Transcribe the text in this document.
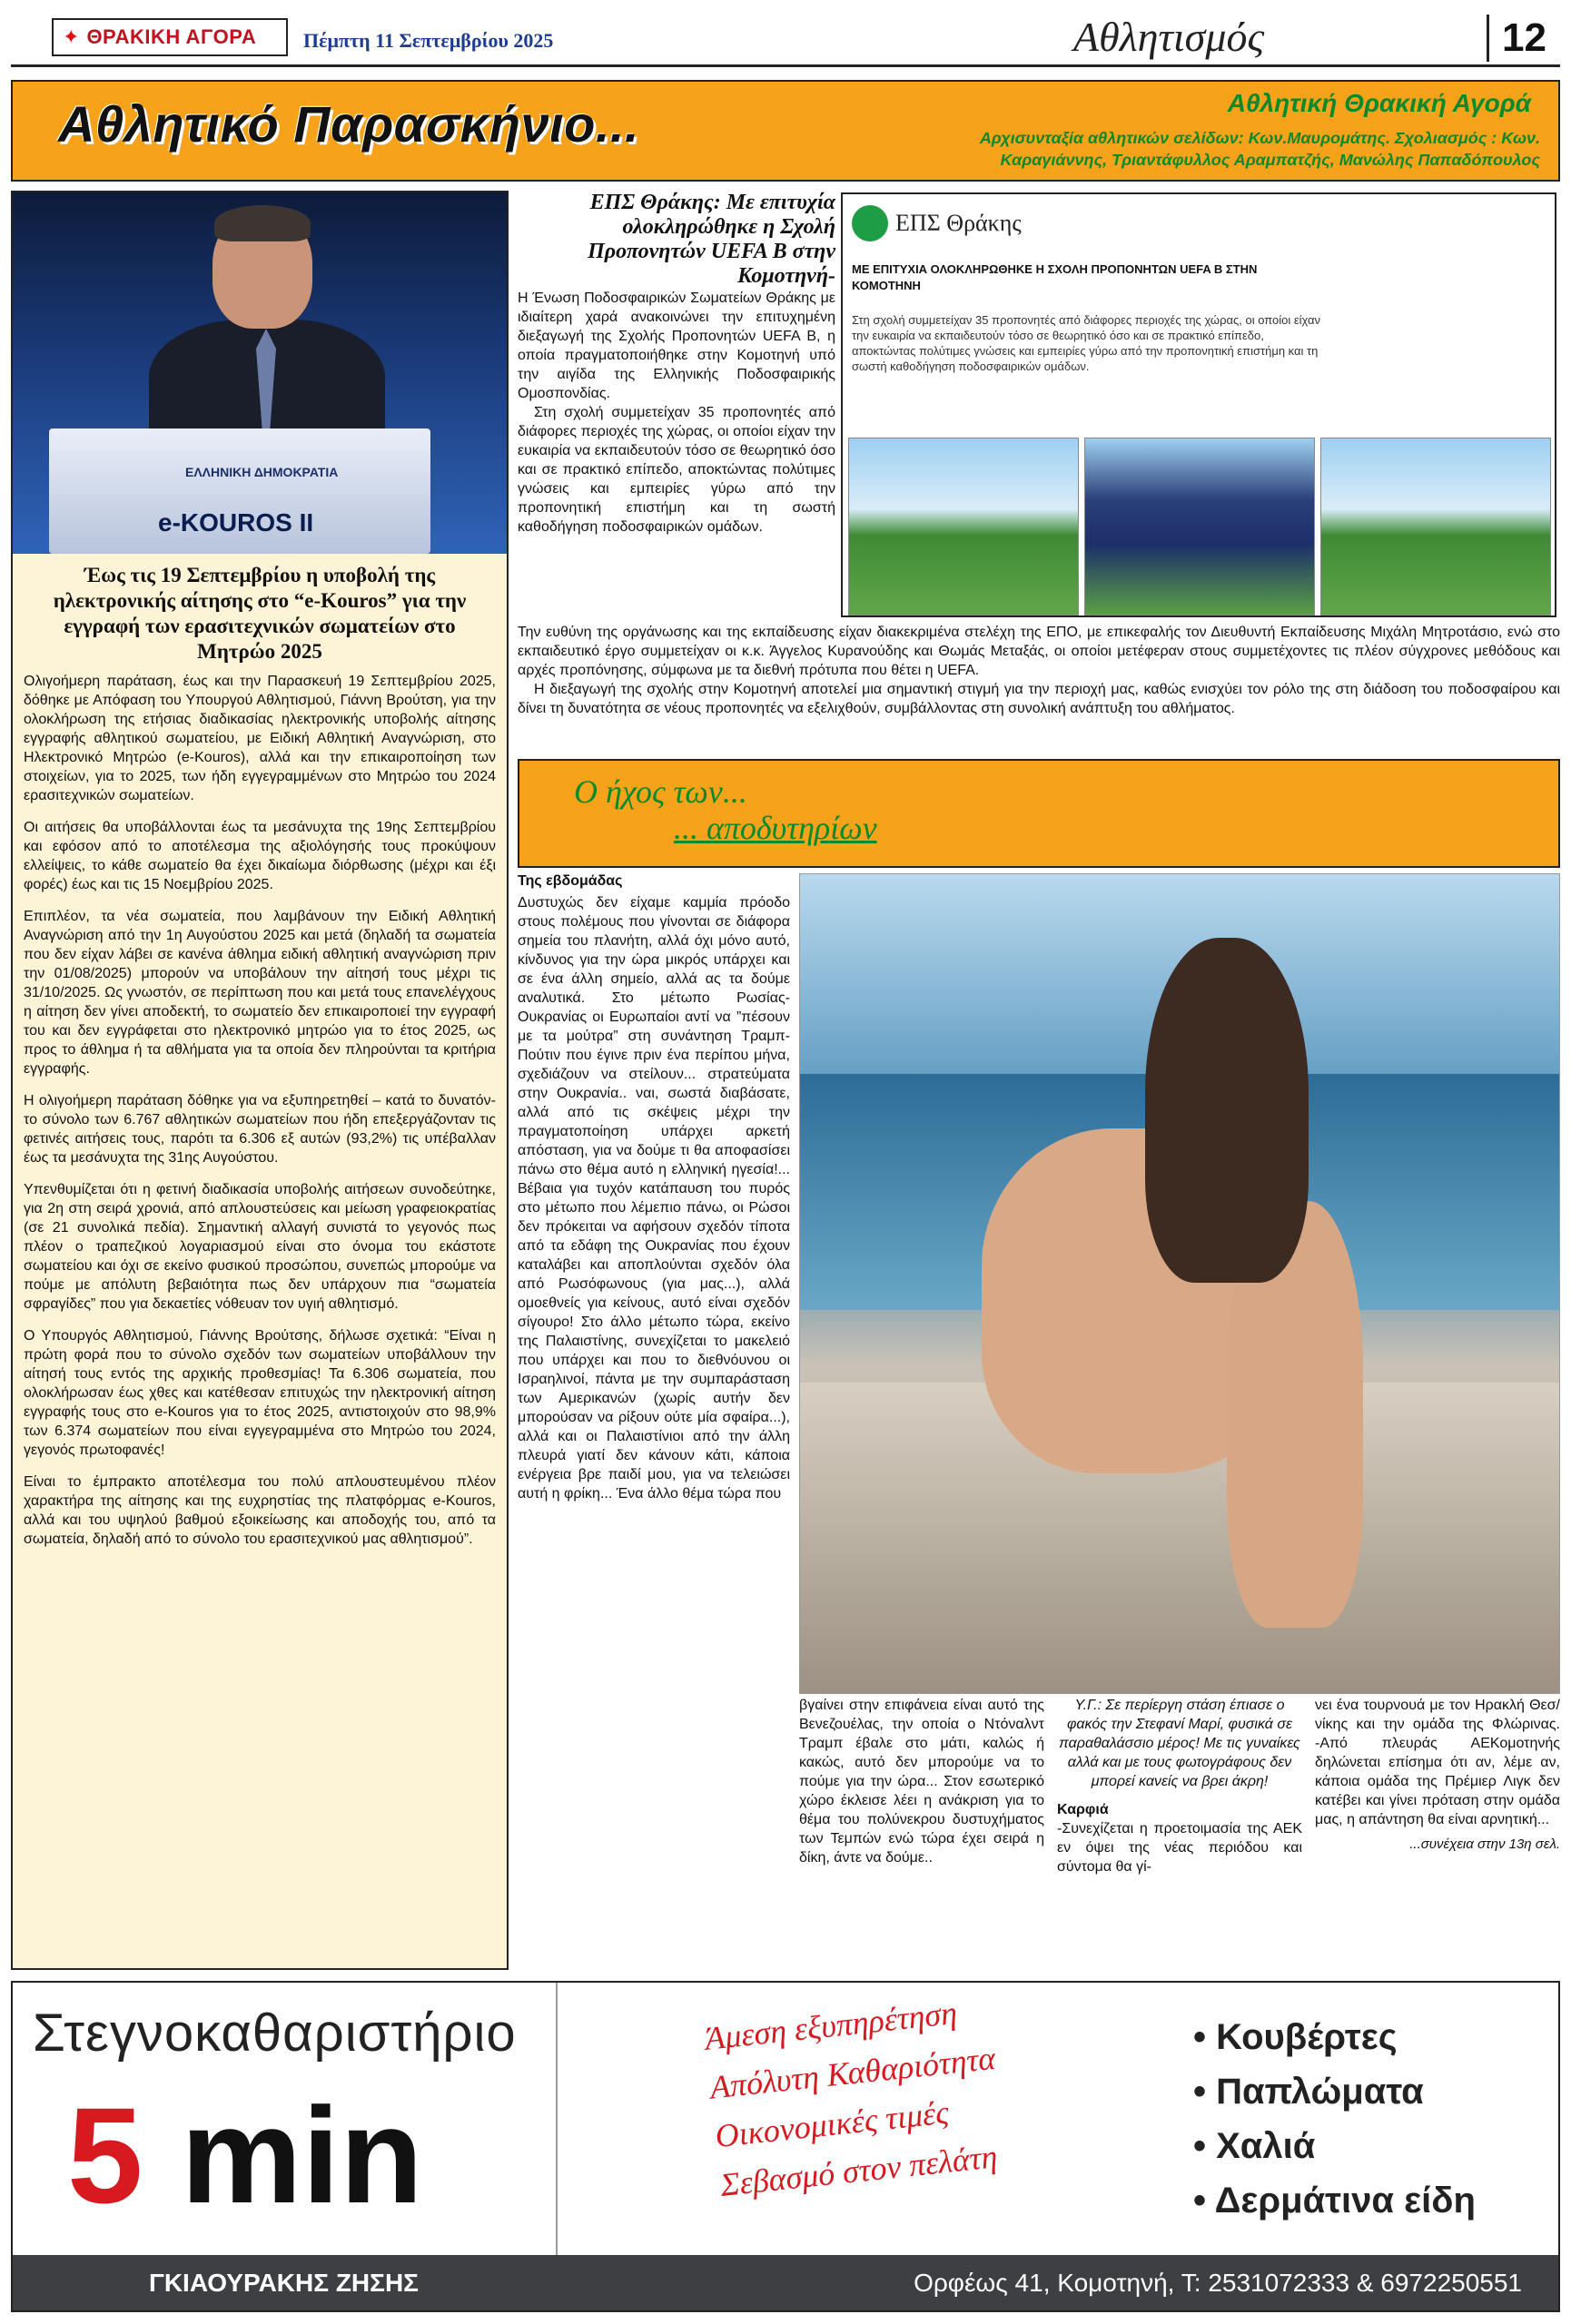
✦ ΘΡΑΚΙΚΗ ΑΓΟΡΑ Πέμπτη 11 Σεπτεμβρίου 2025	Αθλητισμός	12
Αθλητικό Παρασκήνιο...	Αθλητική Θρακική Αγορά
Αρχισυνταξία αθλητικών σελίδων: Κων.Μαυρομάτης. Σχολιασμός : Κων. Καραγιάννης, Τριαντάφυλλος Αραμπατζής, Μανώλης Παπαδόπουλος
ΕΛΛΗΝΙΚΗ ΔΗΜΟΚΡΑΤΙΑ
e-KOUROS II
Έως τις 19 Σεπτεμβρίου η υποβολή της ηλεκτρονικής αίτησης στο “e-Kouros” για την εγγραφή των ερασιτεχνικών σωματείων στο Μητρώο 2025

Ολιγοήμερη παράταση, έως και την Παρασκευή 19 Σεπτεμβρίου 2025, δόθηκε με Απόφαση του Υπουργού Αθλητισμού, Γιάννη Βρούτση, για την ολοκλήρωση της ετήσιας διαδικασίας ηλεκτρονικής υποβολής αίτησης εγγραφής αθλητικού σωματείου, με Ειδική Αθλητική Αναγνώριση, στο Ηλεκτρονικό Μητρώο (e-Kouros), αλλά και την επικαιροποίηση των στοιχείων, για το 2025, των ήδη εγγεγραμμένων στο Μητρώο του 2024 ερασιτεχνικών σωματείων.

Οι αιτήσεις θα υποβάλλονται έως τα μεσάνυχτα της 19ης Σεπτεμβρίου και εφόσον από το αποτέλεσμα της αξιολόγησής τους προκύψουν ελλείψεις, το κάθε σωματείο θα έχει δικαίωμα διόρθωσης (μέχρι και έξι φορές) έως και τις 15 Νοεμβρίου 2025.

Επιπλέον, τα νέα σωματεία, που λαμβάνουν την Ειδική Αθλητική Αναγνώριση από την 1η Αυγούστου 2025 και μετά (δηλαδή τα σωματεία που δεν είχαν λάβει σε κανένα άθλημα ειδική αθλητική αναγνώριση πριν την 01/08/2025) μπορούν να υποβάλουν την αίτησή τους μέχρι τις 31/10/2025. Ως γνωστόν, σε περίπτωση που και μετά τους επανελέγχους η αίτηση δεν γίνει αποδεκτή, το σωματείο δεν επικαιροποιεί την εγγραφή του και δεν εγγράφεται στο ηλεκτρονικό μητρώο για το έτος 2025, ως προς το άθλημα ή τα αθλήματα για τα οποία δεν πληρούνται τα κριτήρια εγγραφής.

Η ολιγοήμερη παράταση δόθηκε για να εξυπηρετηθεί – κατά το δυνατόν- το σύνολο των 6.767 αθλητικών σωματείων που ήδη επεξεργάζονταν τις φετινές αιτήσεις τους, παρότι τα 6.306 εξ αυτών (93,2%) τις υπέβαλλαν έως τα μεσάνυχτα της 31ης Αυγούστου.

Υπενθυμίζεται ότι η φετινή διαδικασία υποβολής αιτήσεων συνοδεύτηκε, για 2η στη σειρά χρονιά, από απλουστεύσεις και μείωση γραφειοκρατίας (σε 21 συνολικά πεδία). Σημαντική αλλαγή συνιστά το γεγονός πως πλέον ο τραπεζικού λογαριασμού είναι στο όνομα του εκάστοτε σωματείου και όχι σε εκείνο φυσικού προσώπου, συνεπώς μπορούμε να πούμε με απόλυτη βεβαιότητα πως δεν υπάρχουν πια “σωματεία σφραγίδες” που για δεκαετίες νόθευαν τον υγιή αθλητισμό.

Ο Υπουργός Αθλητισμού, Γιάννης Βρούτσης, δήλωσε σχετικά: “Είναι η πρώτη φορά που το σύνολο σχεδόν των σωματείων υποβάλλουν την αίτησή τους εντός της αρχικής προθεσμίας! Τα 6.306 σωματεία, που ολοκλήρωσαν έως χθες και κατέθεσαν επιτυχώς την ηλεκτρονική αίτηση εγγραφής τους στο e-Kouros για το έτος 2025, αντιστοιχούν στο 98,9% των 6.374 σωματείων που είναι εγγεγραμμένα στο Μητρώο του 2024, γεγονός πρωτοφανές!

Είναι το έμπρακτο αποτέλεσμα του πολύ απλουστευμένου πλέον χαρακτήρα της αίτησης και της ευχρηστίας της πλατφόρμας e-Kouros, αλλά και του υψηλού βαθμού εξοικείωσης και αποδοχής του, από τα σωματεία, δηλαδή από το σύνολο του ερασιτεχνικού μας αθλητισμού”.

ΕΠΣ Θράκης: Με επιτυχία ολοκληρώθηκε η Σχολή Προπονητών UEFA B στην Κομοτηνή-

Η Ένωση Ποδοσφαιρικών Σωματείων Θράκης με ιδιαίτερη χαρά ανακοινώνει την επιτυχημένη διεξαγωγή της Σχολής Προπονητών UEFA B, η οποία πραγματοποιήθηκε στην Κομοτηνή υπό την αιγίδα της Ελληνικής Ποδοσφαιρικής Ομοσπονδίας.

Στη σχολή συμμετείχαν 35 προπονητές από διάφορες περιοχές της χώρας, οι οποίοι είχαν την ευκαιρία να εκπαιδευτούν τόσο σε θεωρητικό όσο και σε πρακτικό επίπεδο, αποκτώντας πολύτιμες γνώσεις και εμπειρίες γύρω από την προπονητική επιστήμη και τη σωστή καθοδήγηση ποδοσφαιρικών ομάδων.

ΕΠΣ Θράκης
ΜΕ ΕΠΙΤΥΧΙΑ ΟΛΟΚΛΗΡΩΘΗΚΕ Η ΣΧΟΛΗ ΠΡΟΠΟΝΗΤΩΝ UEFA B ΣΤΗΝ ΚΟΜΟΤΗΝΗ
Στη σχολή συμμετείχαν 35 προπονητές από διάφορες περιοχές της χώρας, οι οποίοι είχαν την ευκαιρία να εκπαιδευτούν τόσο σε θεωρητικό όσο και σε πρακτικό επίπεδο, αποκτώντας πολύτιμες γνώσεις και εμπειρίες γύρω από την προπονητική επιστήμη και τη σωστή καθοδήγηση ποδοσφαιρικών ομάδων.

Την ευθύνη της οργάνωσης και της εκπαίδευσης είχαν διακεκριμένα στελέχη της ΕΠΟ, με επικεφαλής τον Διευθυντή Εκπαίδευσης Μιχάλη Μητροτάσιο, ενώ στο εκπαιδευτικό έργο συμμετείχαν οι κ.κ. Άγγελος Κυρανούδης και Θωμάς Μεταξάς, οι οποίοι μετέφεραν στους συμμετέχοντες τις πλέον σύγχρονες μεθόδους και αρχές προπόνησης, σύμφωνα με τα διεθνή πρότυπα που θέτει η UEFA.

Η διεξαγωγή της σχολής στην Κομοτηνή αποτελεί μια σημαντική στιγμή για την περιοχή μας, καθώς ενισχύει τον ρόλο της στη διάδοση του ποδοσφαίρου και δίνει τη δυνατότητα σε νέους προπονητές να εξελιχθούν, συμβάλλοντας στη συνολική ανάπτυξη του αθλήματος.

Ο ήχος των...
... αποδυτηρίων
Της εβδομάδας

Δυστυχώς δεν είχαμε καμμία πρόοδο στους πολέμους που γίνονται σε διάφορα σημεία του πλανήτη, αλλά όχι μόνο αυτό, κίνδυνος για την ώρα μικρός υπάρχει και σε ένα άλλη σημείο, αλλά ας τα δούμε αναλυτικά. Στο μέτωπο Ρωσίας- Ουκρανίας οι Ευρωπαίοι αντί να ”πέσουν με τα μούτρα” στη συνάντηση Τραμπ-Πούτιν που έγινε πριν ένα περίπου μήνα, σχεδιάζουν να στείλουν... στρατεύματα στην Ουκρανία.. ναι, σωστά διαβάσατε, αλλά από τις σκέψεις μέχρι την πραγματοποίηση υπάρχει αρκετή απόσταση, για να δούμε τι θα αποφασίσει πάνω στο θέμα αυτό η ελληνική ηγεσία!... Βέβαια για τυχόν κατάπαυση του πυρός στο μέτωπο που λέμεπιο πάνω, οι Ρώσοι δεν πρόκειται να αφήσουν σχεδόν τίποτα από τα εδάφη της Ουκρανίας που έχουν καταλάβει και αποπλούνται σχεδόν όλα από Ρωσόφωνους (για μας...), αλλά ομοεθνείς για κείνους, αυτό είναι σχεδόν σίγουρο! Στο άλλο μέτωπο τώρα, εκείνο της Παλαιστίνης, συνεχίζεται το μακελειό που υπάρχει και που το διεθνόυνου οι Ισραηλινοί, πάντα με την συμπαράσταση των Αμερικανών (χωρίς αυτήν δεν μπορούσαν να ρίξουν ούτε μία σφαίρα...), αλλά και οι Παλαιστίνιοι από την άλλη πλευρά γιατί δεν κάνουν κάτι, κάποια ενέργεια βρε παιδί μου, για να τελειώσει αυτή η φρίκη... Ένα άλλο θέμα τώρα που

βγαίνει στην επιφάνεια είναι αυτό της Βενεζουέλας, την οποία ο Ντόναλντ Τραμπ έβαλε στο μάτι, καλώς ή κακώς, αυτό δεν μπορούμε να το πούμε για την ώρα... Στον εσωτερικό χώρο έκλεισε λέει η ανάκριση για το θέμα του πολύνεκρου δυστυχήματος των Τεμπών ενώ τώρα έχει σειρά η δίκη, άντε να δούμε..

Υ.Γ.: Σε περίεργη στάση έπιασε ο φακός την Στεφανί Μαρί, φυσικά σε παραθαλάσσιο μέρος! Με τις γυναίκες αλλά και με τους φωτογράφους δεν μπορεί κανείς να βρει άκρη!

Καρφιά

-Συνεχίζεται η προετοιμασία της ΑΕΚ εν όψει της νέας περιόδου και σύντομα θα γί-

νει ένα τουρνουά με τον Ηρακλή Θεσ/νίκης και την ομάδα της Φλώρινας. -Από πλευράς ΑΕΚομοτηνής δηλώνεται επίσημα ότι αν, λέμε αν, κάποια ομάδα της Πρέμιερ Λιγκ δεν κατέβει και γίνει πρόταση στην ομάδα μας, η απάντηση θα είναι αρνητική...

...συνέχεια στην 13η σελ.

Στεγνοκαθαριστήριο
5 min
Άμεση εξυπηρέτηση
Απόλυτη Καθαριότητα
Οικονομικές τιμές
Σεβασμό στον πελάτη
• Κουβέρτες
• Παπλώματα
• Χαλιά
• Δερμάτινα είδη
ΓΚΙΑΟΥΡΑΚΗΣ ΖΗΣΗΣ	Ορφέως 41, Κομοτηνή, Τ: 2531072333 & 6972250551
